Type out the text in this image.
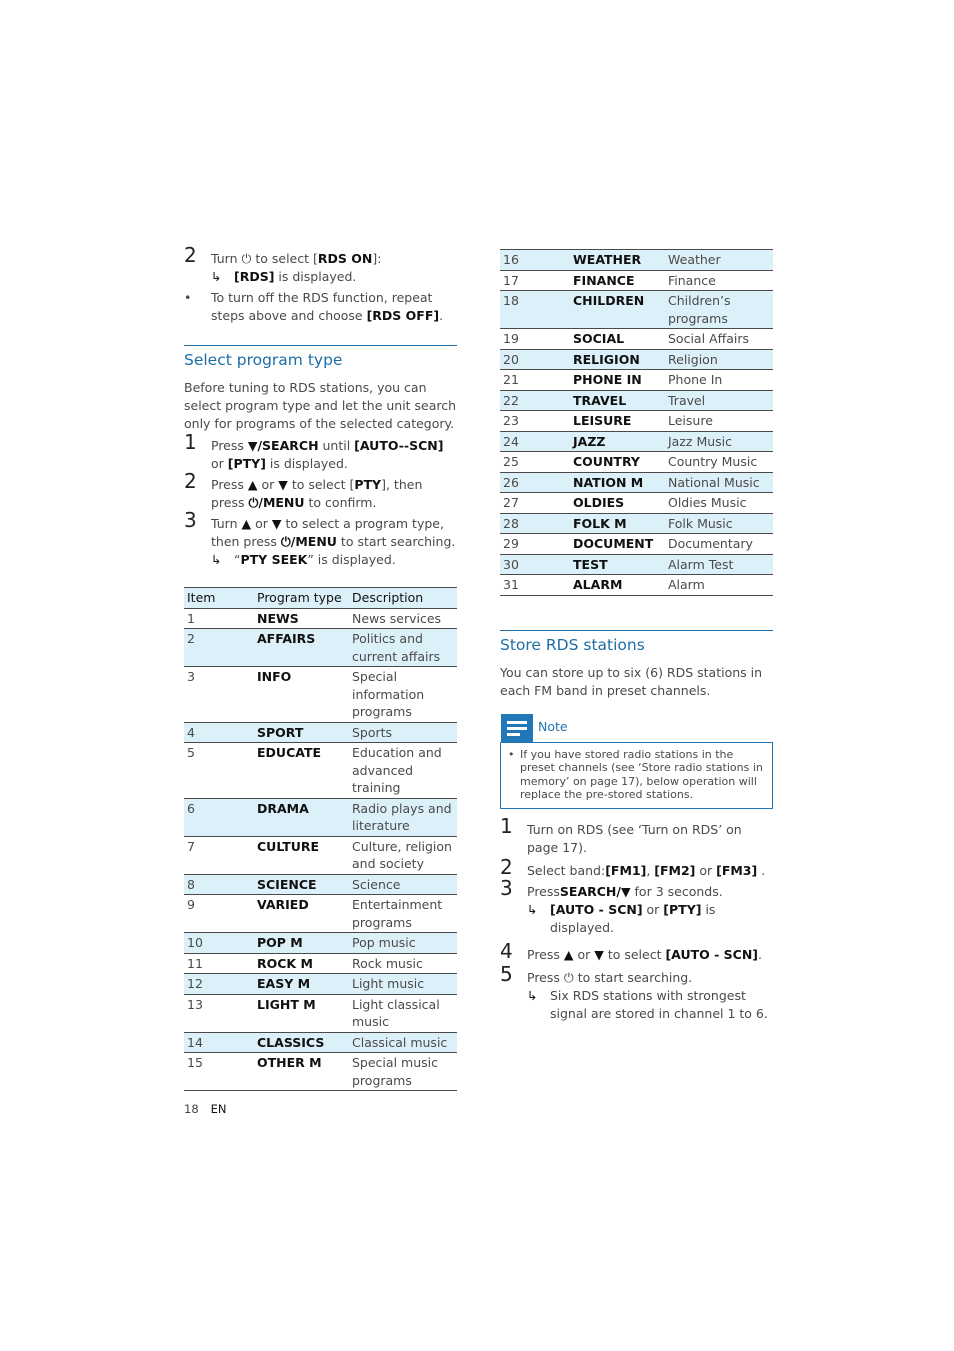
2 Turn ⏻ to select [RDS ON]:
↳ [RDS] is displayed.
• To turn off the RDS function, repeat steps above and choose [RDS OFF].
Select program type
Before tuning to RDS stations, you can select program type and let the unit search only for programs of the selected category.
1 Press ▼/SEARCH until [AUTO--SCN] or [PTY] is displayed.
2 Press ▲ or ▼ to select [PTY], then press ⏻/MENU to confirm.
3 Turn ▲ or ▼ to select a program type, then press ⏻/MENU to start searching.
↳ “PTY SEEK” is displayed.
Item	Program type	Description
1	NEWS	News services
2	AFFAIRS	Politics and current affairs
3	INFO	Special information programs
4	SPORT	Sports
5	EDUCATE	Education and advanced training
6	DRAMA	Radio plays and literature
7	CULTURE	Culture, religion and society
8	SCIENCE	Science
9	VARIED	Entertainment programs
10	POP M	Pop music
11	ROCK M	Rock music
12	EASY M	Light music
13	LIGHT M	Light classical music
14	CLASSICS	Classical music
15	OTHER M	Special music programs
16	WEATHER	Weather
17	FINANCE	Finance
18	CHILDREN	Children’s programs
19	SOCIAL	Social Affairs
20	RELIGION	Religion
21	PHONE IN	Phone In
22	TRAVEL	Travel
23	LEISURE	Leisure
24	JAZZ	Jazz Music
25	COUNTRY	Country Music
26	NATION M	National Music
27	OLDIES	Oldies Music
28	FOLK M	Folk Music
29	DOCUMENT	Documentary
30	TEST	Alarm Test
31	ALARM	Alarm
Store RDS stations
You can store up to six (6) RDS stations in each FM band in preset channels.
Note
• If you have stored radio stations in the preset channels (see ‘Store radio stations in memory’ on page 17), below operation will replace the pre-stored stations.
1 Turn on RDS (see ‘Turn on RDS’ on page 17).
2 Select band:[FM1], [FM2] or [FM3] .
3 PressSEARCH/▼ for 3 seconds.
↳ [AUTO - SCN] or [PTY] is displayed.
4 Press ▲ or ▼ to select [AUTO - SCN].
5 Press ⏻ to start searching.
↳ Six RDS stations with strongest signal are stored in channel 1 to 6.
18 EN
